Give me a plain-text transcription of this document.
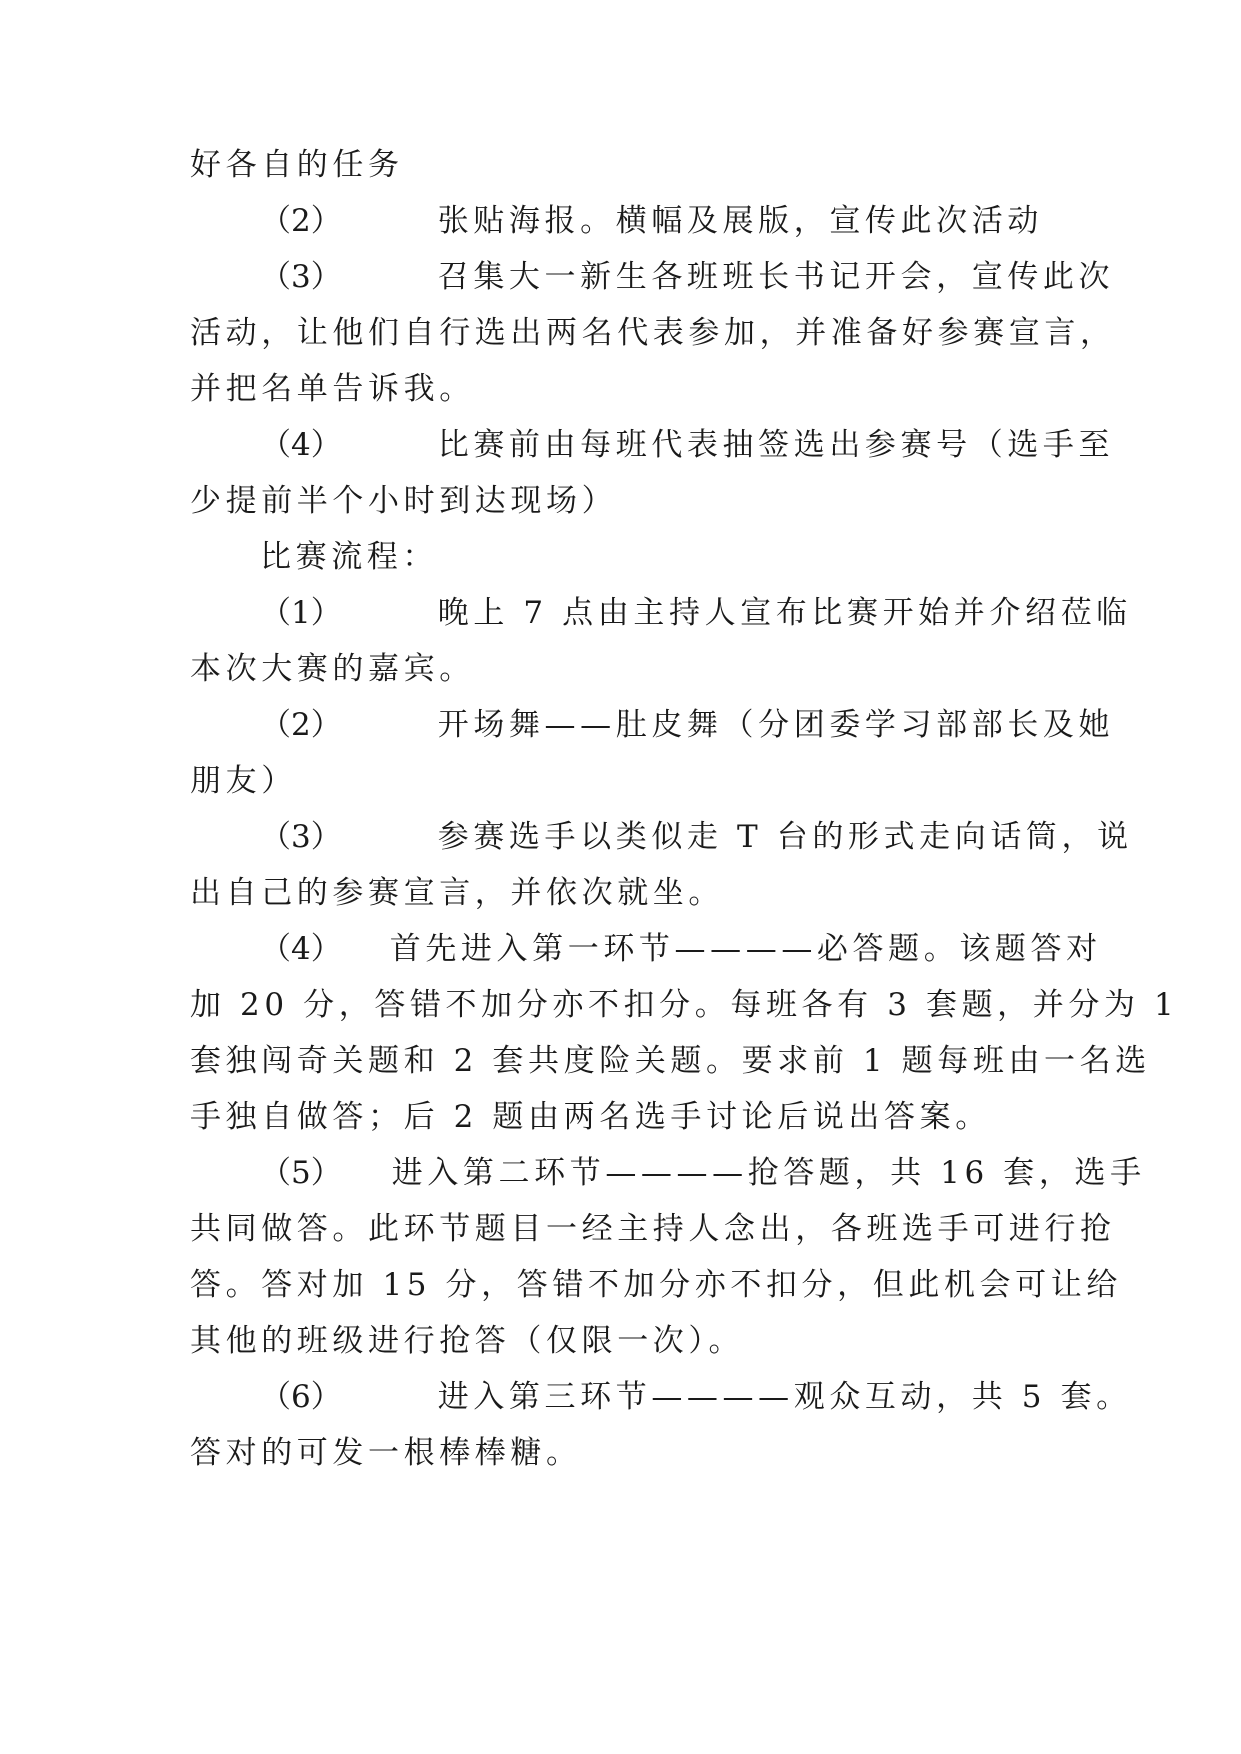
好各自的任务
（2）	张贴海报。横幅及展版，宣传此次活动
（3）	召集大一新生各班班长书记开会，宣传此次
活动，让他们自行选出两名代表参加，并准备好参赛宣言，
并把名单告诉我。
（4）	比赛前由每班代表抽签选出参赛号（选手至
少提前半个小时到达现场）
比赛流程：
（1）	晚上 7 点由主持人宣布比赛开始并介绍莅临
本次大赛的嘉宾。
（2）	开场舞——肚皮舞（分团委学习部部长及她
朋友）
（3）	参赛选手以类似走 T 台的形式走向话筒，说
出自己的参赛宣言，并依次就坐。
（4） 首先进入第一环节————必答题。该题答对
加 20 分，答错不加分亦不扣分。每班各有 3 套题，并分为 1
套独闯奇关题和 2 套共度险关题。要求前 1 题每班由一名选
手独自做答；后 2 题由两名选手讨论后说出答案。
（5） 进入第二环节————抢答题，共 16 套，选手
共同做答。此环节题目一经主持人念出，各班选手可进行抢
答。答对加 15 分，答错不加分亦不扣分，但此机会可让给
其他的班级进行抢答（仅限一次）。
（6）	进入第三环节————观众互动，共 5 套。
答对的可发一根棒棒糖。
